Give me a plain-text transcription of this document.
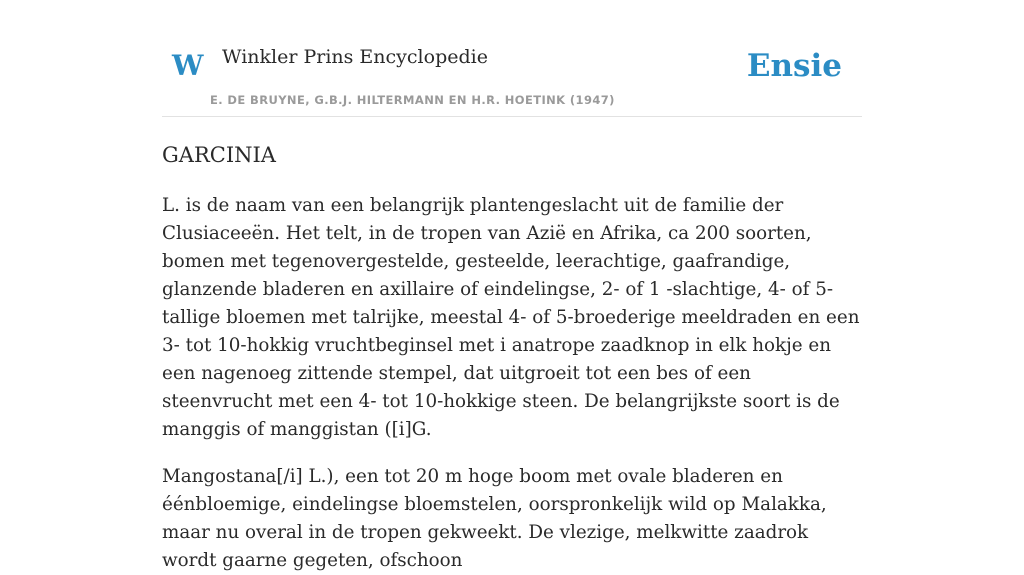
W Winkler Prins Encyclopedie
E. DE BRUYNE, G.B.J. HILTERMANN EN H.R. HOETINK (1947)
Ensie
GARCINIA

L. is de naam van een belangrijk plantengeslacht uit de familie der Clusiaceeën. Het telt, in de tropen van Azië en Afrika, ca 200 soorten, bomen met tegenovergestelde, gesteelde, leerachtige, gaafrandige, glanzende bladeren en axillaire of eindelingse, 2- of 1 -slachtige, 4- of 5-tallige bloemen met talrijke, meestal 4- of 5-broederige meeldraden en een 3- tot 10-hokkig vruchtbeginsel met i anatrope zaadknop in elk hokje en een nagenoeg zittende stempel, dat uitgroeit tot een bes of een steenvrucht met een 4- tot 10-hokkige steen. De belangrijkste soort is de manggis of manggistan ([i]G.

Mangostana[/i] L.), een tot 20 m hoge boom met ovale bladeren en éénbloemige, eindelingse bloemstelen, oorspronkelijk wild op Malakka, maar nu overal in de tropen gekweekt. De vlezige, melkwitte zaadrok wordt gaarne gegeten, ofschoon
